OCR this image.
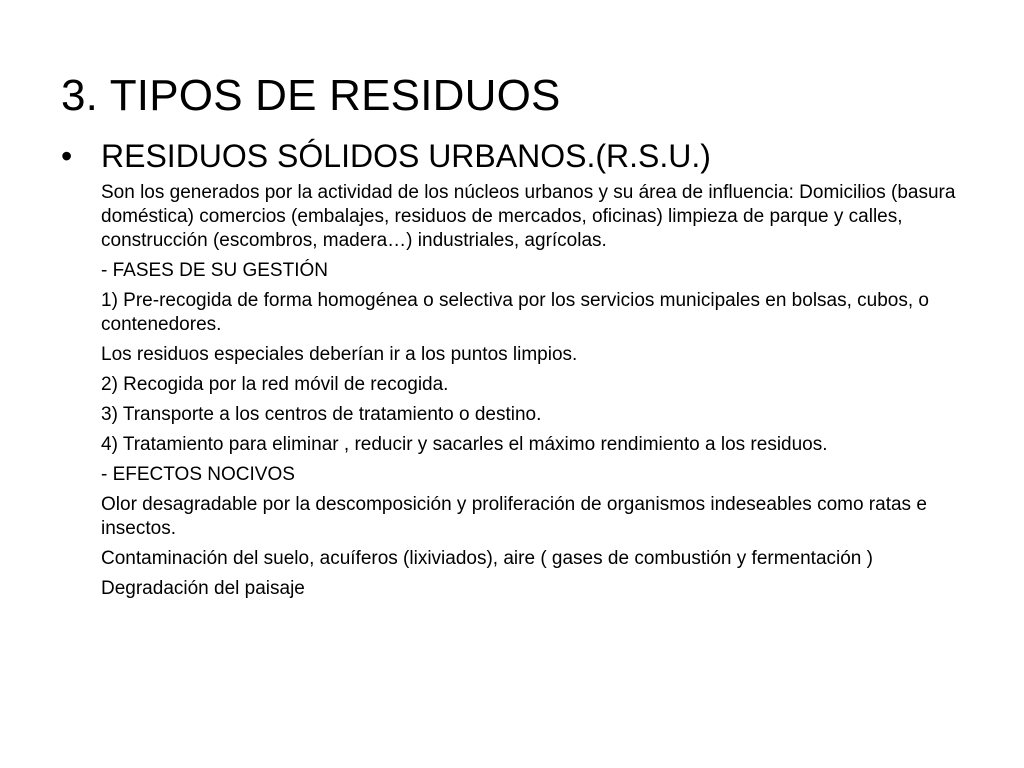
3. TIPOS DE RESIDUOS
• RESIDUOS SÓLIDOS URBANOS.(R.S.U.)

Son los generados por la actividad de los núcleos urbanos y su área de influencia: Domicilios (basura doméstica) comercios (embalajes, residuos de mercados, oficinas) limpieza de parque y calles, construcción (escombros, madera…) industriales, agrícolas.

- FASES DE SU GESTIÓN

1) Pre-recogida de forma homogénea o selectiva por los servicios municipales en bolsas, cubos, o contenedores.

Los residuos especiales deberían ir a los puntos limpios.

2) Recogida por la red móvil de recogida.

3) Transporte a los centros de tratamiento o destino.

4) Tratamiento para eliminar , reducir y sacarles el máximo rendimiento a los residuos.

- EFECTOS NOCIVOS

Olor desagradable por la descomposición y proliferación de organismos indeseables como ratas e insectos.

Contaminación del suelo, acuíferos (lixiviados), aire ( gases de combustión y fermentación )

Degradación del paisaje
